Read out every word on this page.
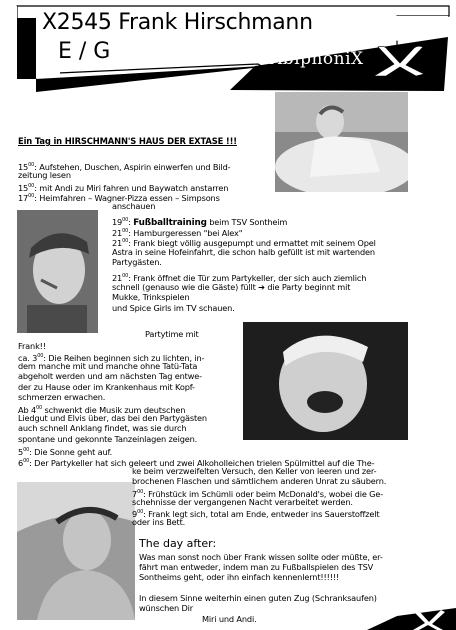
X2545 Frank Hirschmann
E / G	AbiphöniX
'97
Ein Tag in HIRSCHMANN'S HAUS DER EXTASE !!!
$15^{00}$: Aufstehen, Duschen, Aspirin einwerfen und Bild-
zeitung lesen
$15^{00}$: mit Andi zu Miri fahren und Baywatch anstarren
$17^{00}$: Heimfahren – Wagner-Pizza essen – Simpsons
anschauen
$19^{00}$: Fußballtraining beim TSV Sontheim
$21^{00}$: Hamburgeressen "bei Alex"
$21^{00}$: Frank biegt völlig ausgepumpt und ermattet mit seinem Opel
Astra in seine Hofeinfahrt, die schon halb gefüllt ist mit wartenden
Partygästen.
$21^{00}$: Frank öffnet die Tür zum Partykeller, der sich auch ziemlich
schnell (genauso wie die Gäste) füllt ➔ die Party beginnt mit
Mukke, Trinkspielen
und Spice Girls im TV schauen.
Partytime mit
Frank!!
ca. $3^{00}$: Die Reihen beginnen sich zu lichten, in-
dem manche mit und manche ohne Tatü-Tata
abgeholt werden und am nächsten Tag entwe-
der zu Hause oder im Krankenhaus mit Kopf-
schmerzen erwachen.
Ab $4^{00}$ schwenkt die Musik zum deutschen
Liedgut und Elvis über, das bei den Partygästen
auch schnell Anklang findet, was sie durch
spontane und gekonnte Tanzeinlagen zeigen.
$5^{00}$: Die Sonne geht auf.
$6^{00}$: Der Partykeller hat sich geleert und zwei Alkoholleichen trielen Spülmittel auf die The-
ke beim verzweifelten Versuch, den Keller von leeren und zer-
brochenen Flaschen und sämtlichem anderen Unrat zu säubern.
$7^{00}$: Frühstück im Schümli oder beim McDonald's, wobei die Ge-
schehnisse der vergangenen Nacht verarbeitet werden.
$9^{00}$: Frank legt sich, total am Ende, entweder ins Sauerstoffzelt
oder ins Bett.
The day after:
Was man sonst noch über Frank wissen sollte oder müßte, er-
fährt man entweder, indem man zu Fußballspielen des TSV
Sontheims geht, oder ihn einfach kennenlernt!!!!!!
In diesem Sinne weiterhin einen guten Zug (Schranksaufen)
wünschen Dir
Miri und Andi.
